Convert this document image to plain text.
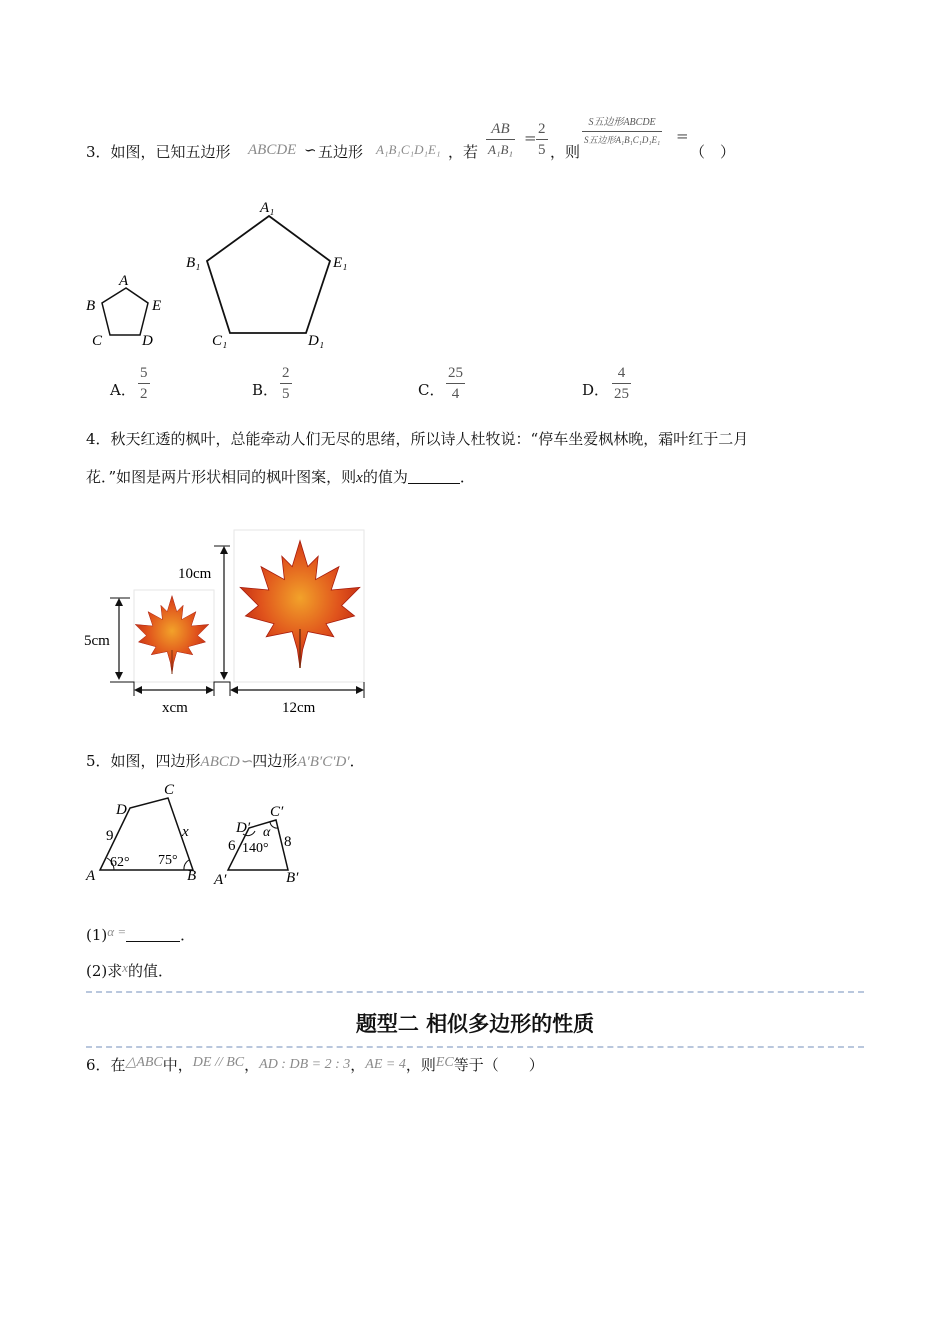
3．如图，已知五边形 ABCDE ∽ 五边形 A₁B₁C₁D₁E₁ ，若 $\frac{AB}{\text{A₁B₁}} = \frac{2}{5}$ ，则
S五边形ABCDE
S五边形A₁B₁C₁D₁E₁ =
（　）
A
B	E
C	D
A₁
B₁	E₁
C₁	D₁
A． $\frac{5}{2}$	B． $\frac{2}{5}$	C． $\frac{25}{4}$	D． $\frac{4}{25}$
4．秋天红透的枫叶，总能牵动人们无尽的思绪，所以诗人杜牧说：“停车坐爱枫林晚，霜叶红于二月
花．”如图是两片形状相同的枫叶图案，则x的值为	．
5cm
10cm
xcm	12cm
5．如图，四边形ABCD∽四边形A′B′C′D′．
A	B
C
D
9	x
62° 75°
A′	B′
C′
D′
6	8
140°
α
(1)α =	．
(2)求x的值．
题型二 相似多边形的性质
6．在△ABC中，DE // BC，AD : DB = 2 : 3，AE = 4，则EC等于（　　）
